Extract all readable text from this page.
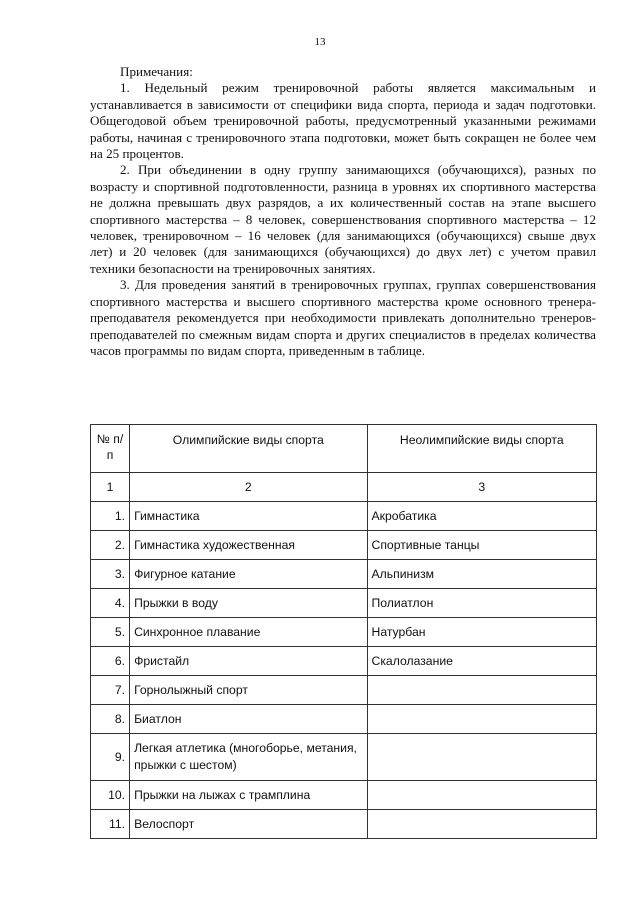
13

Примечания:

1. Недельный режим тренировочной работы является максимальным и устанавливается в зависимости от специфики вида спорта, периода и задач подготовки. Общегодовой объем тренировочной работы, предусмотренный указанными режимами работы, начиная с тренировочного этапа подготовки, может быть сокращен не более чем на 25 процентов.

2. При объединении в одну группу занимающихся (обучающихся), разных по возрасту и спортивной подготовленности, разница в уровнях их спортивного мастерства не должна превышать двух разрядов, а их количественный состав на этапе высшего спортивного мастерства – 8 человек, совершенствования спортивного мастерства – 12 человек, тренировочном – 16 человек (для занимающихся (обучающихся) свыше двух лет) и 20 человек (для занимающихся (обучающихся) до двух лет) с учетом правил техники безопасности на тренировочных занятиях.

3. Для проведения занятий в тренировочных группах, группах совершенствования спортивного мастерства и высшего спортивного мастерства кроме основного тренера-преподавателя рекомендуется при необходимости привлекать дополнительно тренеров-преподавателей по смежным видам спорта и других специалистов в пределах количества часов программы по видам спорта, приведенным в таблице.

№ п/п	Олимпийские виды спорта	Неолимпийские виды спорта
1	2	3
1.	Гимнастика	Акробатика
2.	Гимнастика художественная	Спортивные танцы
3.	Фигурное катание	Альпинизм
4.	Прыжки в воду	Полиатлон
5.	Синхронное плавание	Натурбан
6.	Фристайл	Скалолазание
7.	Горнолыжный спорт	
8.	Биатлон	
9.	Легкая атлетика (многоборье, метания, прыжки с шестом)	
10.	Прыжки на лыжах с трамплина	
11.	Велоспорт	
